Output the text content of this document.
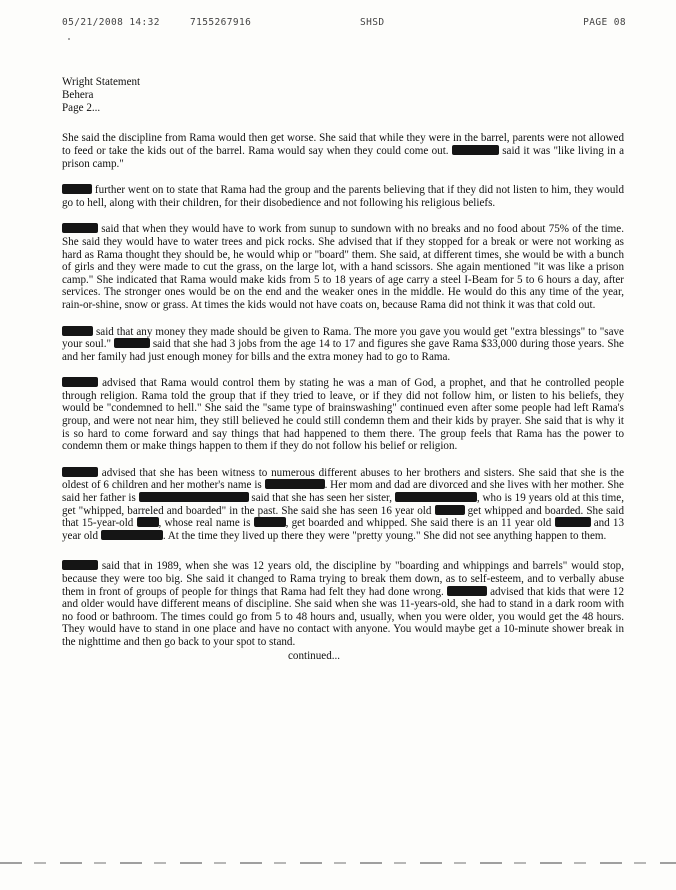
05/21/2008 14:32	7155267916	SHSD	PAGE 08
Wright Statement
Behera
Page 2...

She said the discipline from Rama would then get worse. She said that while they were in the barrel, parents were not allowed to feed or take the kids out of the barrel. Rama would say when they could come out.	said it was "like living in a prison camp."

further went on to state that Rama had the group and the parents believing that if they did not listen to him, they would go to hell, along with their children, for their disobedience and not following his religious beliefs.

said that when they would have to work from sunup to sundown with no breaks and no food about 75% of the time. She said they would have to water trees and pick rocks. She advised that if they stopped for a break or were not working as hard as Rama thought they should be, he would whip or "board" them. She said, at different times, she would be with a bunch of girls and they were made to cut the grass, on the large lot, with a hand scissors. She again mentioned "it was like a prison camp." She indicated that Rama would make kids from 5 to 18 years of age carry a steel I-Beam for 5 to 6 hours a day, after services. The stronger ones would be on the end and the weaker ones in the middle. He would do this any time of the year, rain-or-shine, snow or grass. At times the kids would not have coats on, because Rama did not think it was that cold out.

said that any money they made should be given to Rama. The more you gave you would get "extra blessings" to "save your soul."	said that she had 3 jobs from the age 14 to 17 and figures she gave Rama $33,000 during those years. She and her family had just enough money for bills and the extra money had to go to Rama.

advised that Rama would control them by stating he was a man of God, a prophet, and that he controlled people through religion. Rama told the group that if they tried to leave, or if they did not follow him, or listen to his beliefs, they would be "condemned to hell." She said the "same type of brainswashing" continued even after some people had left Rama's group, and were not near him, they still believed he could still condemn them and their kids by prayer. She said that is why it is so hard to come forward and say things that had happened to them there. The group feels that Rama has the power to condemn them or make things happen to them if they do not follow his belief or religion.

advised that she has been witness to numerous different abuses to her brothers and sisters. She said that she is the oldest of 6 children and her mother's name is	. Her mom and dad are divorced and she lives with her mother. She said her father is	said that she has seen her sister,	, who is 19 years old at this time, get "whipped, barreled and boarded" in the past. She said she has seen 16 year old	get whipped and boarded. She said that 15-year-old , whose real name is	, get boarded and whipped. She said there is an 11 year old	and 13 year old	. At the time they lived up there they were "pretty young." She did not see anything happen to them.

said that in 1989, when she was 12 years old, the discipline by "boarding and whippings and barrels" would stop, because they were too big. She said it changed to Rama trying to break them down, as to self-esteem, and to verbally abuse them in front of groups of people for things that Rama had felt they had done wrong.	advised that kids that were 12 and older would have different means of discipline. She said when she was 11-years-old, she had to stand in a dark room with no food or bathroom. The times could go from 5 to 48 hours and, usually, when you were older, you would get the 48 hours. They would have to stand in one place and have no contact with anyone. You would maybe get a 10-minute shower break in the nighttime and then go back to your spot to stand.

continued...
